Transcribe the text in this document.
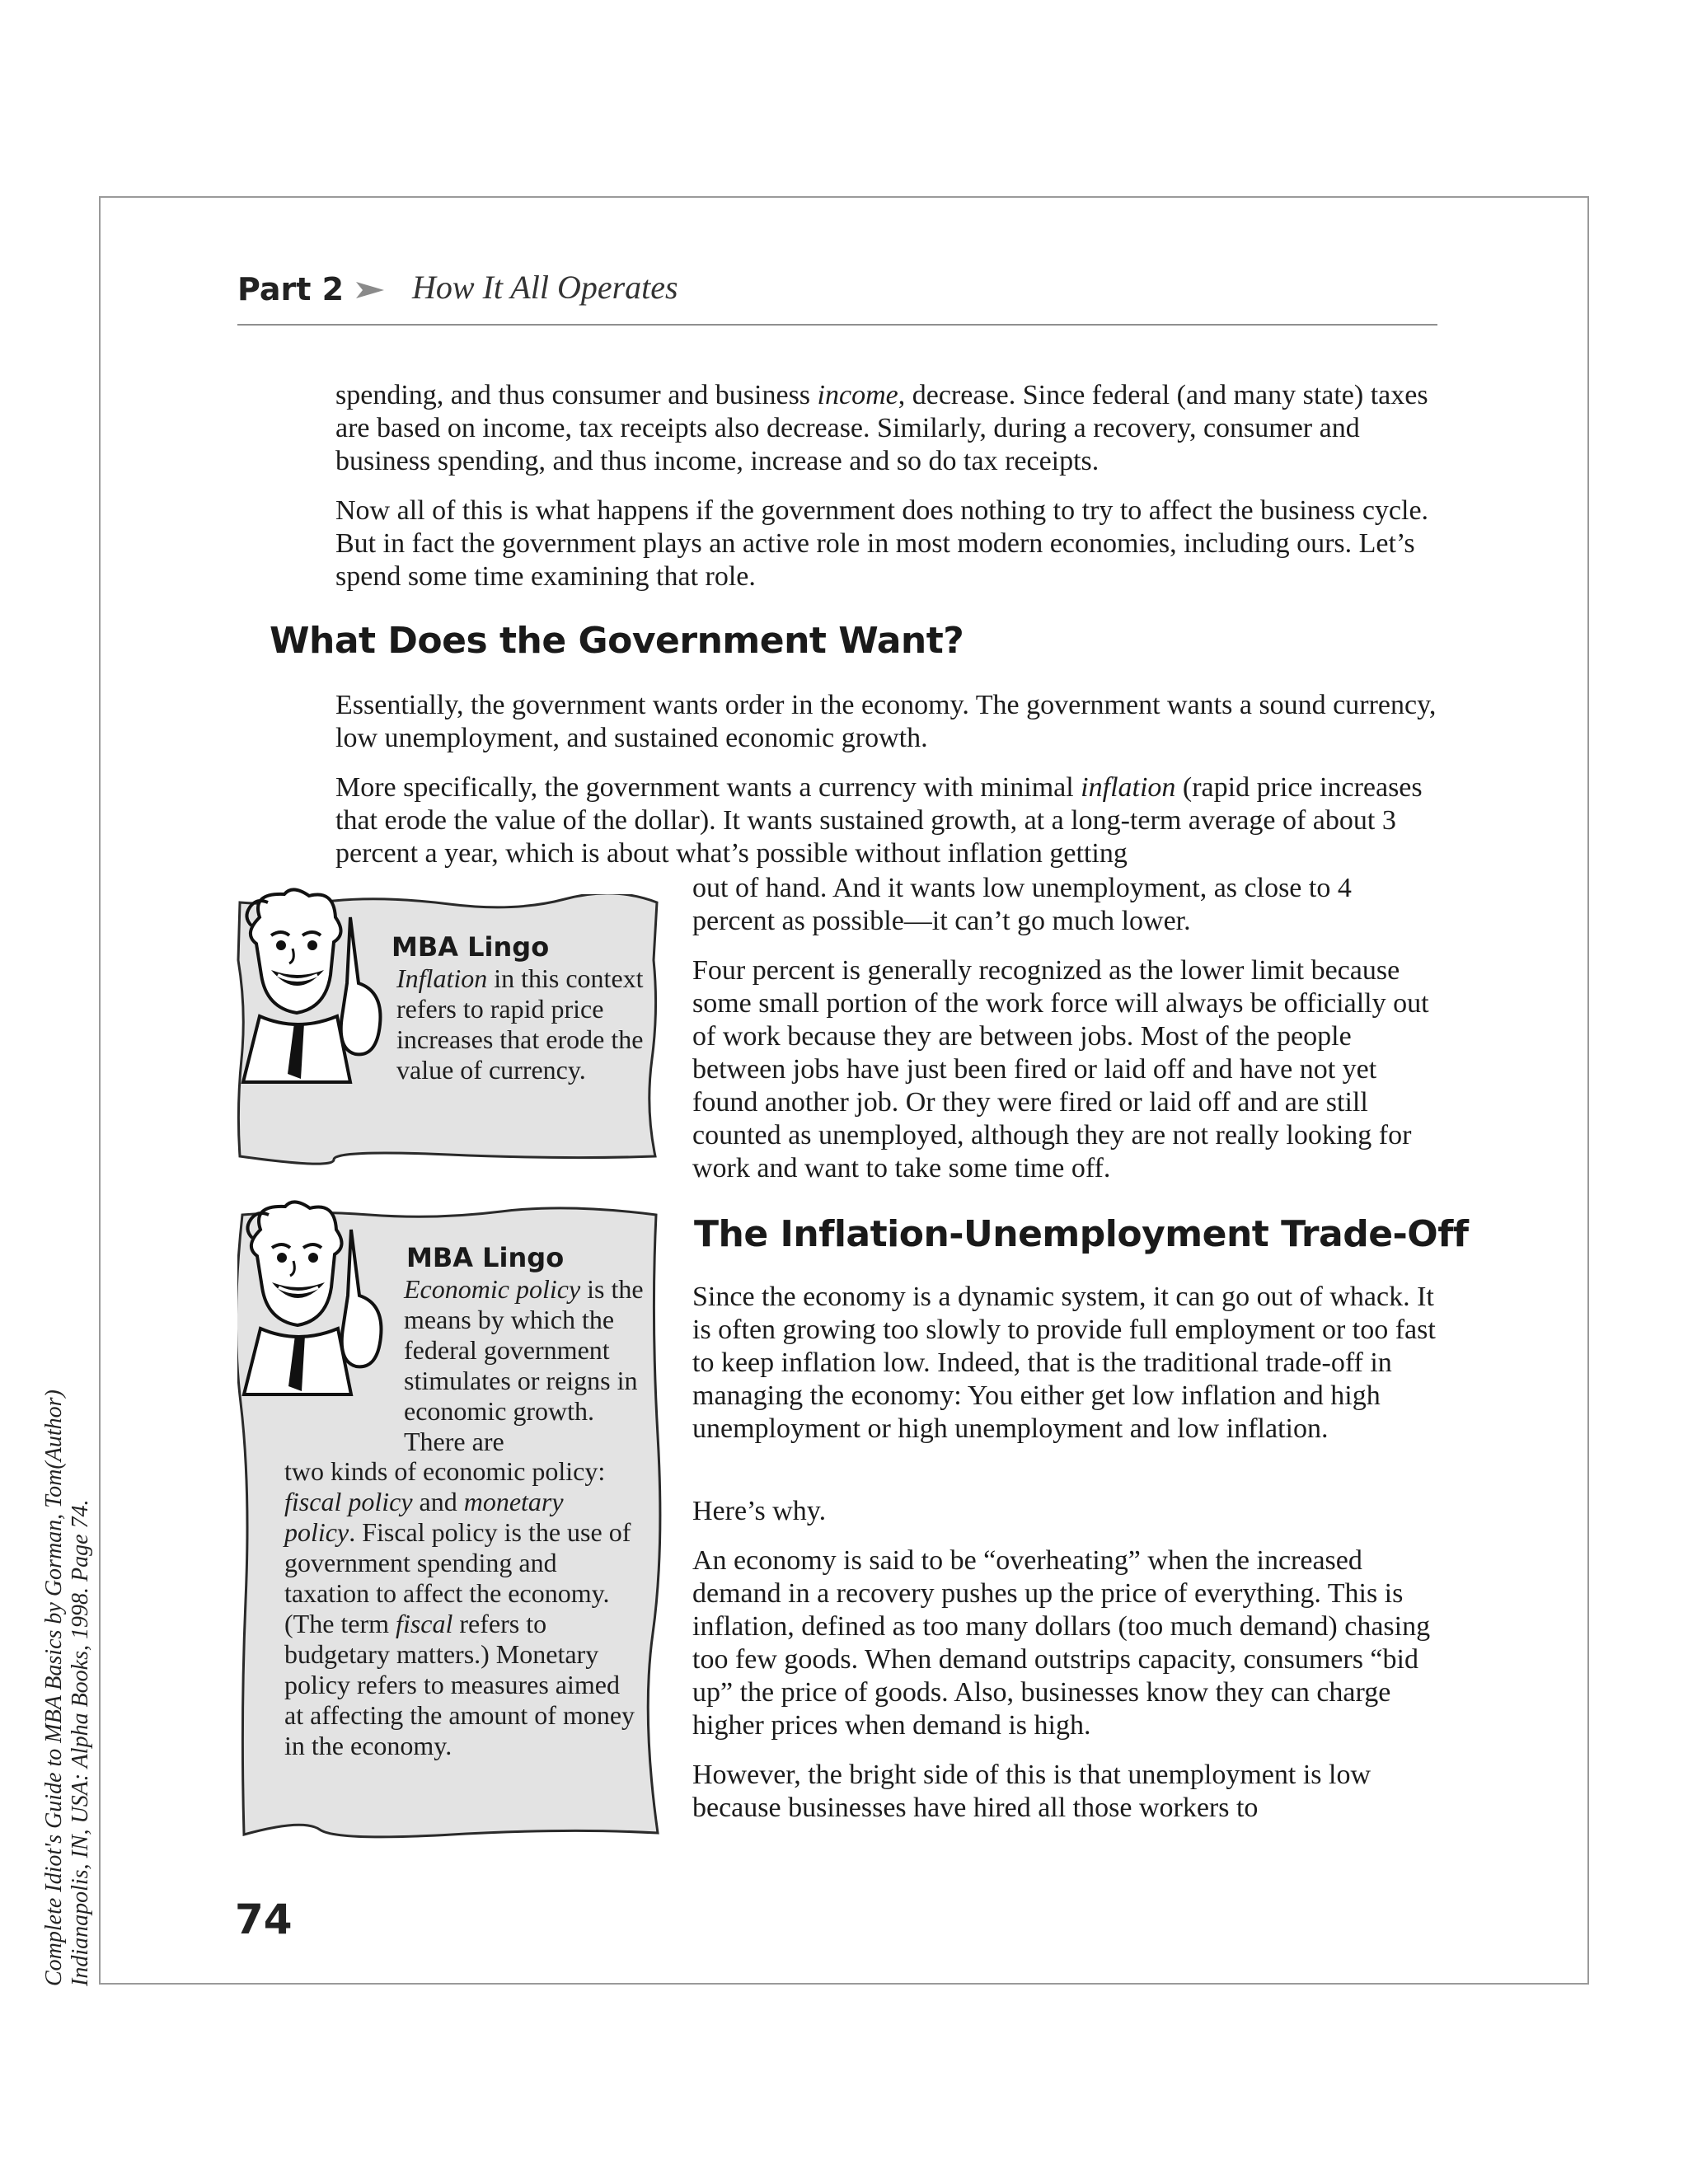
Part 2 How It All Operates

spending, and thus consumer and business income, decrease. Since federal (and many state) taxes are based on income, tax receipts also decrease. Similarly, during a recovery, consumer and business spending, and thus income, increase and so do tax receipts.

Now all of this is what happens if the government does nothing to try to affect the business cycle. But in fact the government plays an active role in most modern economies, including ours. Let’s spend some time examining that role.
What Does the Government Want?
Essentially, the government wants order in the economy. The government wants a sound currency, low unemployment, and sustained economic growth.

More specifically, the government wants a currency with minimal inflation (rapid price increases that erode the value of the dollar). It wants sustained growth, at a long-term average of about 3 percent a year, which is about what’s possible without inflation getting

out of hand. And it wants low unemployment, as close to 4 percent as possible—it can’t go much lower.
Four percent is generally recognized as the lower limit because some small portion of the work force will always be officially out of work because they are between jobs. Most of the people between jobs have just been fired or laid off and have not yet found another job. Or they were fired or laid off and are still counted as unemployed, although they are not really looking for work and want to take some time off.
The Inflation-Unemployment Trade-Off
Since the economy is a dynamic system, it can go out of whack. It is often growing too slowly to provide full employment or too fast to keep inflation low. Indeed, that is the traditional trade-off in managing the economy: You either get low inflation and high unemployment or high unemployment and low inflation.
Here’s why.
An economy is said to be “overheating” when the increased demand in a recovery pushes up the price of everything. This is inflation, defined as too many dollars (too much demand) chasing too few goods. When demand outstrips capacity, consumers “bid up” the price of goods. Also, businesses know they can charge higher prices when demand is high.
However, the bright side of this is that unemployment is low because businesses have hired all those workers to
MBA Lingo
Inflation in this context refers to rapid price increases that erode the value of currency.
MBA Lingo
Economic policy is the means by which the federal government stimulates or reigns in economic growth. There are
two kinds of economic policy: fiscal policy and monetary policy. Fiscal policy is the use of government spending and taxation to affect the economy. (The term fiscal refers to budgetary matters.) Monetary policy refers to measures aimed at affecting the amount of money in the economy.
74
Complete Idiot's Guide to MBA Basics by Gorman, Tom(Author) Indianapolis, IN, USA: Alpha Books, 1998. Page 74.
